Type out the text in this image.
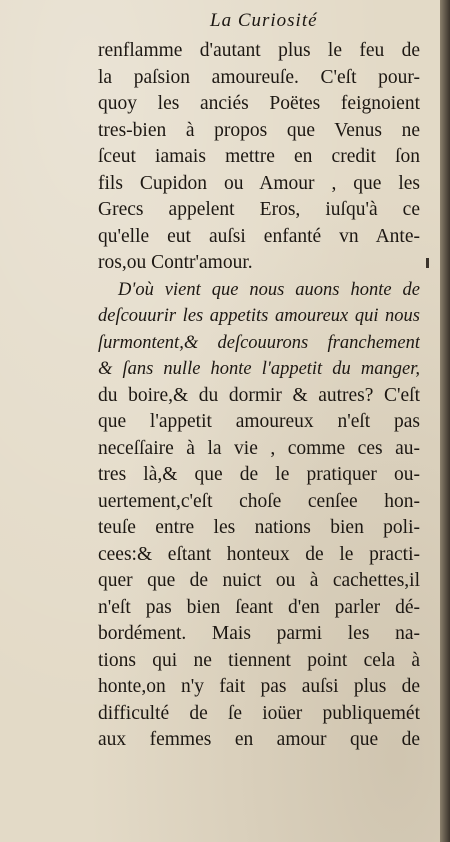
La Curiosité
renflamme d'autant plus le feu de
la paſsion amoureuſe. C'eſt pour-
quoy les anciés Poëtes feignoient
tres-bien à propos que Venus ne
ſceut iamais mettre en credit ſon
fils Cupidon ou Amour , que les
Grecs appelent Eros, iuſqu'à ce
qu'elle eut auſsi enfanté vn Ante-
ros,ou Contr'amour.
D'où vient que nous auons honte de
deſcouurir les appetits amoureux qui nous
ſurmontent,& deſcouurons franchement
& ſans nulle honte l'appetit du manger,
du boire,& du dormir & autres? C'eſt
que l'appetit amoureux n'eſt pas
neceſſaire à la vie , comme ces au-
tres là,& que de le pratiquer ou-
uertement,c'eſt choſe cenſee hon-
teuſe entre les nations bien poli-
cees:& eſtant honteux de le practi-
quer que de nuict ou à cachettes,il
n'eſt pas bien ſeant d'en parler dé-
bordément. Mais parmi les na-
tions qui ne tiennent point cela à
honte,on n'y fait pas auſsi plus de
difficulté de ſe ioüer publiquemét
aux femmes en amour que de
